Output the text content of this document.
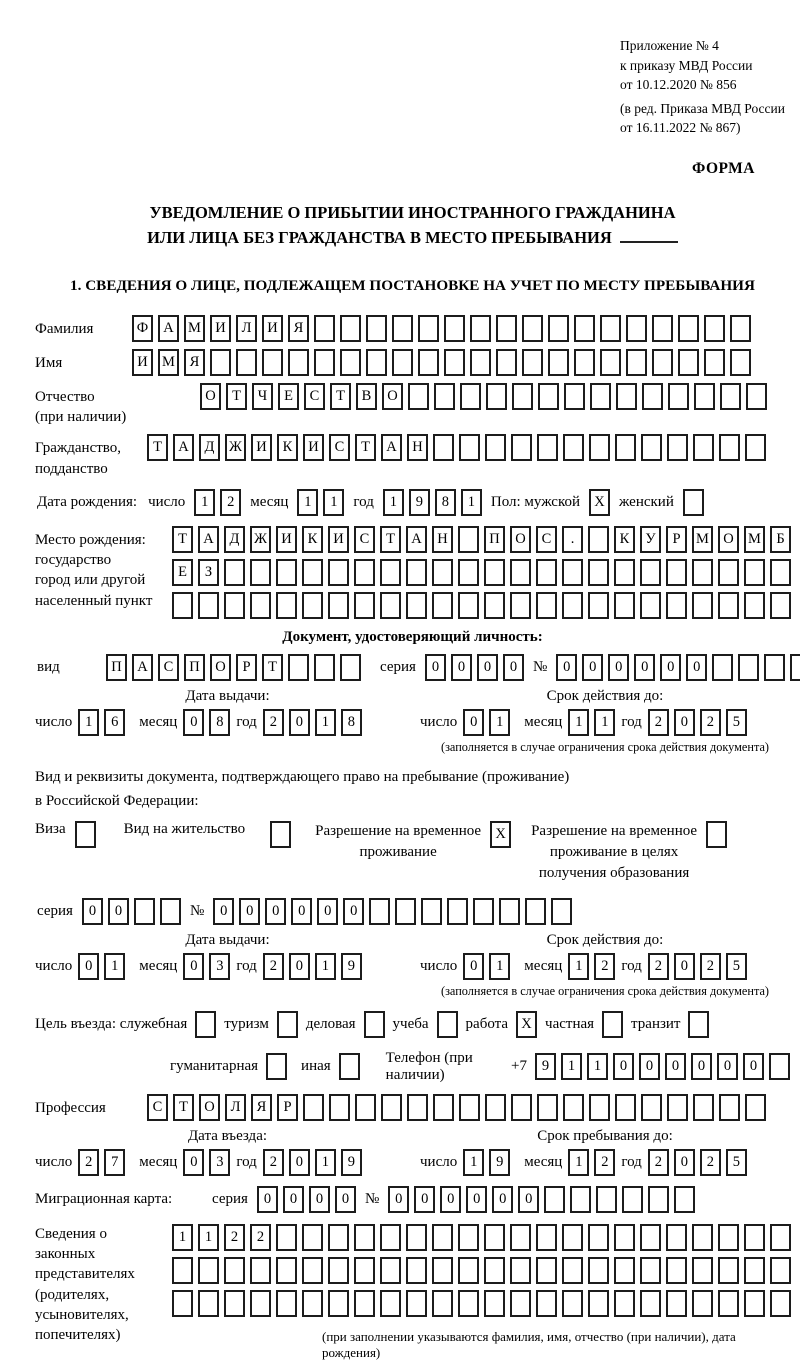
Приложение № 4
к приказу МВД России
от 10.12.2020 № 856
(в ред. Приказа МВД России
от 16.11.2022 № 867)
ФОРМА
УВЕДОМЛЕНИЕ О ПРИБЫТИИ ИНОСТРАННОГО ГРАЖДАНИНА
ИЛИ ЛИЦА БЕЗ ГРАЖДАНСТВА В МЕСТО ПРЕБЫВАНИЯ
1. СВЕДЕНИЯ О ЛИЦЕ, ПОДЛЕЖАЩЕМ ПОСТАНОВКЕ НА УЧЕТ ПО МЕСТУ ПРЕБЫВАНИЯ
Фамилия	Ф	А М И	Л	И	Я
Имя	И М	Я
Отчество
(при наличии)
О	Т	Ч	Е	С	Т	В	О
Гражданство,
подданство
Т	А	Д	Ж И	К	И	С	Т	А	Н
Дата рождения: число	1	2	месяц	1	1	год	1	9	8	1	Пол: мужской X женский
Место рождения:
государство
город или другой
населенный пункт
Т	А	Д	Ж И	К	И	С	Т	А	Н	П	О	С	.	К	У	Р	М О М	Б
Е	З
Документ, удостоверяющий личность:
вид	П	А	С	П	О	Р	Т	серия	0	0	0	0	№	0	0	0	0	0	0
Дата выдачи:
число 1	6	месяц 0	8 год 2	0	1	8
Срок действия до:
число 0	1	месяц 1	1 год 2	0	2	5
(заполняется в случае ограничения срока действия документа)
Вид и реквизиты документа, подтверждающего право на пребывание (проживание)
в Российской Федерации:
Виза	Вид на жительство	Разрешение на временное
проживание
X	Разрешение на временное
проживание в целях
получения образования
серия	0	0	№	0	0	0	0	0	0
Дата выдачи:
число 0	1	месяц 0	3 год 2	0	1	9
Срок действия до:
число 0	1	месяц 1	2 год 2	0	2	5
(заполняется в случае ограничения срока действия документа)
Цель въезда: служебная туризм деловая учеба работа X частная транзит
гуманитарная	иная
Телефон (при наличии)
+7	9	1	1	0	0	0	0	0	0
Профессия	С	Т	О	Л	Я	Р
Дата въезда:
число 2	7	месяц 0	3 год 2	0	1	9
Срок пребывания до:
число 1	9	месяц 1	2 год 2	0	2	5
Миграционная карта:	серия	0	0	0	0	№	0	0	0	0	0	0
Сведения о
законных
представителях
(родителях,
усыновителях,
попечителях)
1	1	2	2
(при заполнении указываются фамилия, имя, отчество (при наличии), дата рождения)
